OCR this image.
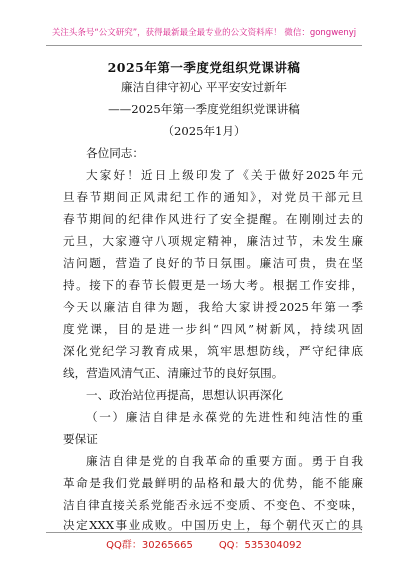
关注头条号“公文研究”，获得最新最全最专业的公文资料库！ 微信：gongwenyj
2025年第一季度党组织党课讲稿
廉洁自律守初心 平平安安过新年
——2025年第一季度党组织党课讲稿
（2025年1月）
各位同志：
大家好！近日上级印发了《关于做好2025年元
旦春节期间正风肃纪工作的通知》，对党员干部元旦
春节期间的纪律作风进行了安全提醒。在刚刚过去的
元旦，大家遵守八项规定精神，廉洁过节，未发生廉
洁问题，营造了良好的节日氛围。廉洁可贵，贵在坚
持。接下的春节长假更是一场大考。根据工作安排，
今天以廉洁自律为题，我给大家讲授2025年第一季
度党课，目的是进一步纠“四风”树新风，持续巩固
深化党纪学习教育成果，筑牢思想防线，严守纪律底
线，营造风清气正、清廉过节的良好氛围。
一、政治站位再提高，思想认识再深化
（一）廉洁自律是永葆党的先进性和纯洁性的重
要保证
廉洁自律是党的自我革命的重要方面。勇于自我
革命是我们党最鲜明的品格和最大的优势，能不能廉
洁自律直接关系党能否永远不变质、不变色、不变味，
决定XXX事业成败。中国历史上，每个朝代灭亡的具
QQ群：30265665	QQ：535304092
